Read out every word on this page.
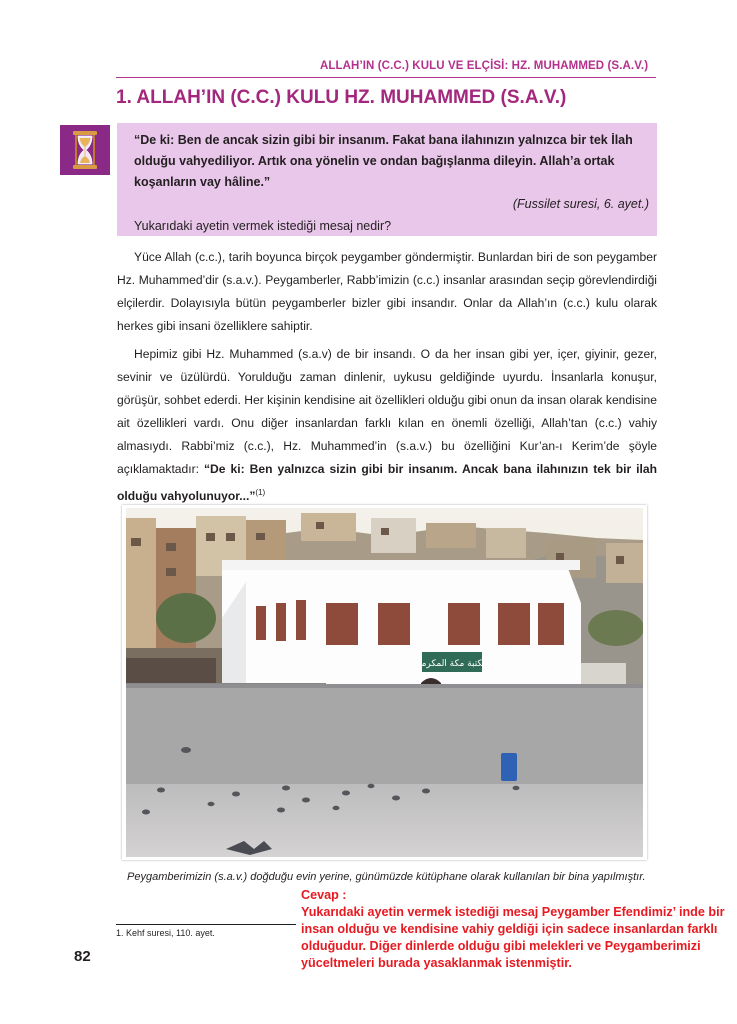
ALLAH’IN (C.C.) KULU VE ELÇİSİ: HZ. MUHAMMED (S.A.V.)
1. ALLAH’IN (C.C.) KULU HZ. MUHAMMED (S.A.V.)
“De ki: Ben de ancak sizin gibi bir insanım. Fakat bana ilahınızın yalnızca bir tek İlah olduğu vahyediliyor. Artık ona yönelin ve ondan bağışlanma dileyin. Allah’a ortak koşanların vay hâline.”
(Fussilet suresi, 6. ayet.)
Yukarıdaki ayetin vermek istediği mesaj nedir?

Yüce Allah (c.c.), tarih boyunca birçok peygamber göndermiştir. Bunlardan biri de son peygamber Hz. Muhammed’dir (s.a.v.). Peygamberler, Rabb’imizin (c.c.) insanlar arasından seçip görevlendirdiği elçilerdir. Dolayısıyla bütün peygamberler bizler gibi insandır. Onlar da Allah’ın (c.c.) kulu olarak herkes gibi insani özelliklere sahiptir.

Hepimiz gibi Hz. Muhammed (s.a.v) de bir insandı. O da her insan gibi yer, içer, giyinir, gezer, sevinir ve üzülürdü. Yorulduğu zaman dinlenir, uykusu geldiğinde uyurdu. İnsanlarla konuşur, görüşür, sohbet ederdi. Her kişinin kendisine ait özellikleri olduğu gibi onun da insan olarak kendisine ait özellikleri vardı. Onu diğer insanlardan farklı kılan en önemli özelliği, Allah’tan (c.c.) vahiy almasıydı. Rabbi’miz (c.c.), Hz. Muhammed’in (s.a.v.) bu özelliğini Kur’an-ı Kerim’de şöyle açıklamaktadır: “De ki: Ben yalnızca sizin gibi bir insanım. Ancak bana ilahınızın tek bir ilah olduğu vahyolunuyor...”$^{(1)}$

مكتبة مكة المكرمة
Peygamberimizin (s.a.v.) doğduğu evin yerine, günümüzde kütüphane olarak kullanılan bir bina yapılmıştır.
1. Kehf suresi, 110. ayet.
82
Cevap :
Yukarıdaki ayetin vermek istediği mesaj Peygamber Efendimiz’ inde bir insan olduğu ve kendisine vahiy geldiği için sadece insanlardan farklı olduğudur. Diğer dinlerde olduğu gibi melekleri ve Peygamberimizi yüceltmeleri burada yasaklanmak istenmiştir.
